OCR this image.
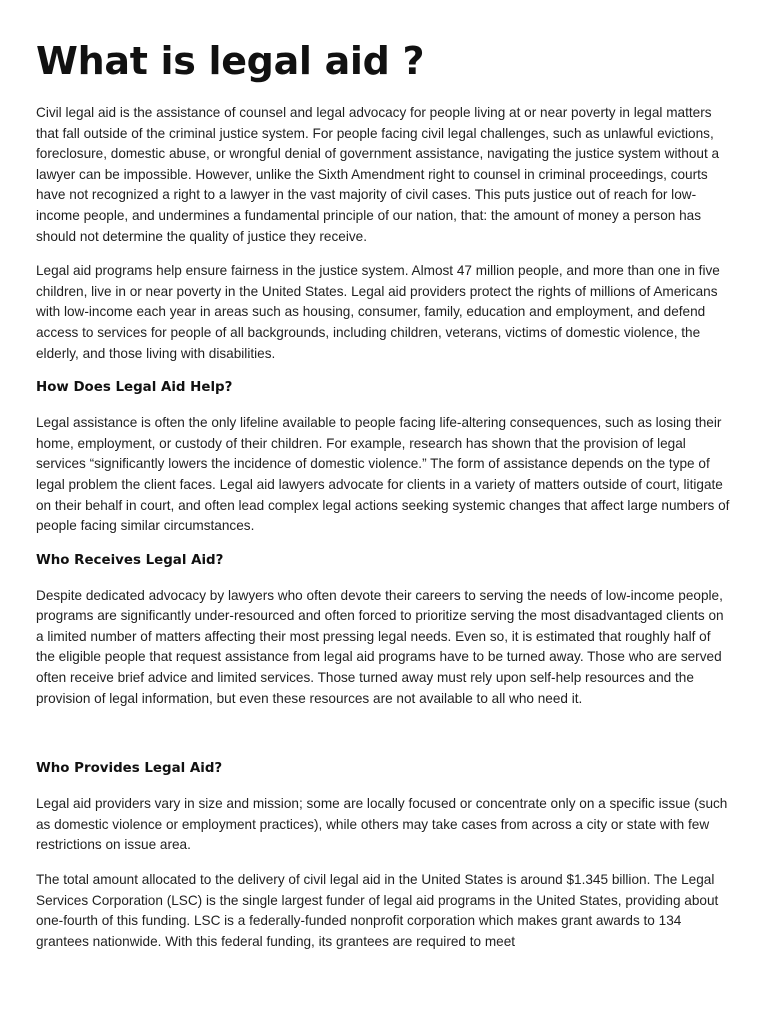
What is legal aid ?

Civil legal aid is the assistance of counsel and legal advocacy for people living at or near poverty in legal matters that fall outside of the criminal justice system. For people facing civil legal challenges, such as unlawful evictions, foreclosure, domestic abuse, or wrongful denial of government assistance, navigating the justice system without a lawyer can be impossible. However, unlike the Sixth Amendment right to counsel in criminal proceedings, courts have not recognized a right to a lawyer in the vast majority of civil cases. This puts justice out of reach for low-income people, and undermines a fundamental principle of our nation, that: the amount of money a person has should not determine the quality of justice they receive.

Legal aid programs help ensure fairness in the justice system. Almost 47 million people, and more than one in five children, live in or near poverty in the United States. Legal aid providers protect the rights of millions of Americans with low-income each year in areas such as housing, consumer, family, education and employment, and defend access to services for people of all backgrounds, including children, veterans, victims of domestic violence, the elderly, and those living with disabilities.

How Does Legal Aid Help?

Legal assistance is often the only lifeline available to people facing life-altering consequences, such as losing their home, employment, or custody of their children. For example, research has shown that the provision of legal services “significantly lowers the incidence of domestic violence.” The form of assistance depends on the type of legal problem the client faces. Legal aid lawyers advocate for clients in a variety of matters outside of court, litigate on their behalf in court, and often lead complex legal actions seeking systemic changes that affect large numbers of people facing similar circumstances.

Who Receives Legal Aid?

Despite dedicated advocacy by lawyers who often devote their careers to serving the needs of low-income people, programs are significantly under-resourced and often forced to prioritize serving the most disadvantaged clients on a limited number of matters affecting their most pressing legal needs. Even so, it is estimated that roughly half of the eligible people that request assistance from legal aid programs have to be turned away. Those who are served often receive brief advice and limited services. Those turned away must rely upon self-help resources and the provision of legal information, but even these resources are not available to all who need it.

Who Provides Legal Aid?

Legal aid providers vary in size and mission; some are locally focused or concentrate only on a specific issue (such as domestic violence or employment practices), while others may take cases from across a city or state with few restrictions on issue area.

The total amount allocated to the delivery of civil legal aid in the United States is around $1.345 billion. The Legal Services Corporation (LSC) is the single largest funder of legal aid programs in the United States, providing about one-fourth of this funding. LSC is a federally-funded nonprofit corporation which makes grant awards to 134 grantees nationwide. With this federal funding, its grantees are required to meet
